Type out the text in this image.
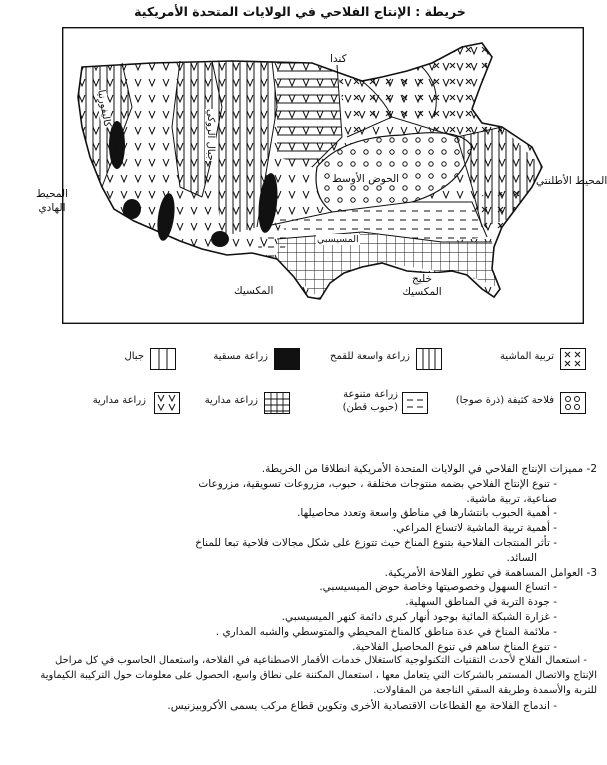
خريطة : الإنتاج الفلاحي في الولايات المتحدة الأمريكية
كندا
المحيط الهادي
المحيط الأطلنتي
الحوض الأوسط
المكسيك
خليج المكسيك
المسيسبي
جبال الروكي
كاليفورنيا
تربية الماشية
زراعة واسعة للقمح
زراعة مسقية
جبال
فلاحة كثيفة (ذرة صوجا)
زراعة متنوعة (حبوب قطن)
زراعة مدارية
زراعة مدارية

2- مميزات الإنتاج الفلاحي في الولايات المتحدة الأمريكية انطلاقا من الخريطة.

- تنوع الإنتاج الفلاحي بضمه منتوجات مختلفة ، حبوب، مزروعات تسويقية، مزروعات

صناعية، تربية ماشية.

- أهمية الحبوب بانتشارها في مناطق واسعة وتعدد محاصيلها.

- أهمية تربية الماشية لاتساع المراعي.

- تأثر المنتجات الفلاحية بتنوع المناخ حيث تتوزع على شكل مجالات فلاحية تبعا للمناخ

السائد.

3- العوامل المساهمة في تطور الفلاحة الأمريكية.

- اتساع السهول وخصوصيتها وخاصة حوض الميسيسبي.

- جودة التربة في المناطق السهلية.

- غزارة الشبكة المائية بوجود أنهار كبرى دائمة كنهر الميسيسبي.

- ملائمة المناخ في عدة مناطق كالمناخ المحيطي والمتوسطي والشبه المداري .

- تنوع المناخ ساهم في تنوع المحاصيل الفلاحية.

- استعمال الفلاح لأحدث التقنيات التكنولوجية كاستغلال خدمات الأقمار الاصطناعية في الفلاحة، واستعمال الحاسوب في كل مراحل

الإنتاج والاتصال المستمر بالشركات التي يتعامل معها ، استعمال المكننة على نطاق واسع، الحصول على معلومات حول التركيبة الكيماوية

للتربة والأسمدة وطريقة السقي الناجعة من المقاولات.

- اندماج الفلاحة مع القطاعات الاقتصادية الأخرى وتكوين قطاع مركب يسمى الأكروبيزنيس.
